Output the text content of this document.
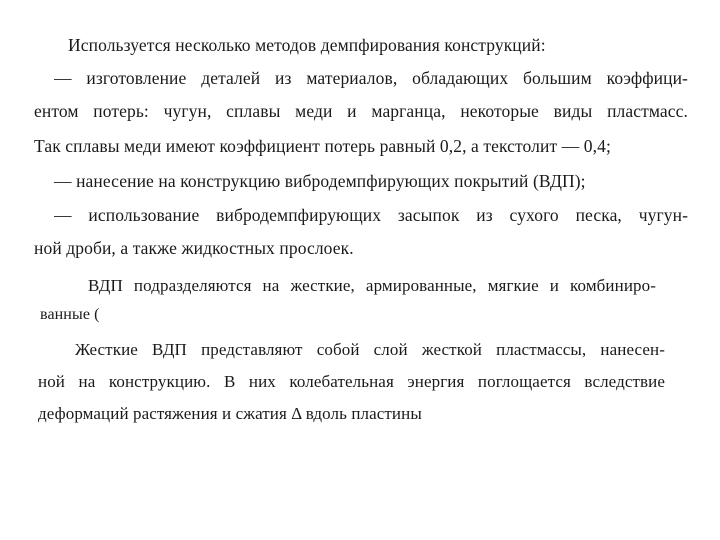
Используется несколько методов демпфирования конструкций:
— изготовление деталей из материалов, обладающих большим коэффици-
ентом потерь: чугун, сплавы меди и марганца, некоторые виды пластмасс.
Так сплавы меди имеют коэффициент потерь равный 0,2, а текстолит — 0,4;
— нанесение на конструкцию вибродемпфирующих покрытий (ВДП);
— использование вибродемпфирующих засыпок из сухого песка, чугун-
ной дроби, а также жидкостных прослоек.
ВДП подразделяются на жесткие, армированные, мягкие и комбиниро-
ванные (
Жесткие ВДП представляют собой слой жесткой пластмассы, нанесен-
ной на конструкцию. В них колебательная энергия поглощается вследствие
деформаций растяжения и сжатия Δ вдоль пластины
